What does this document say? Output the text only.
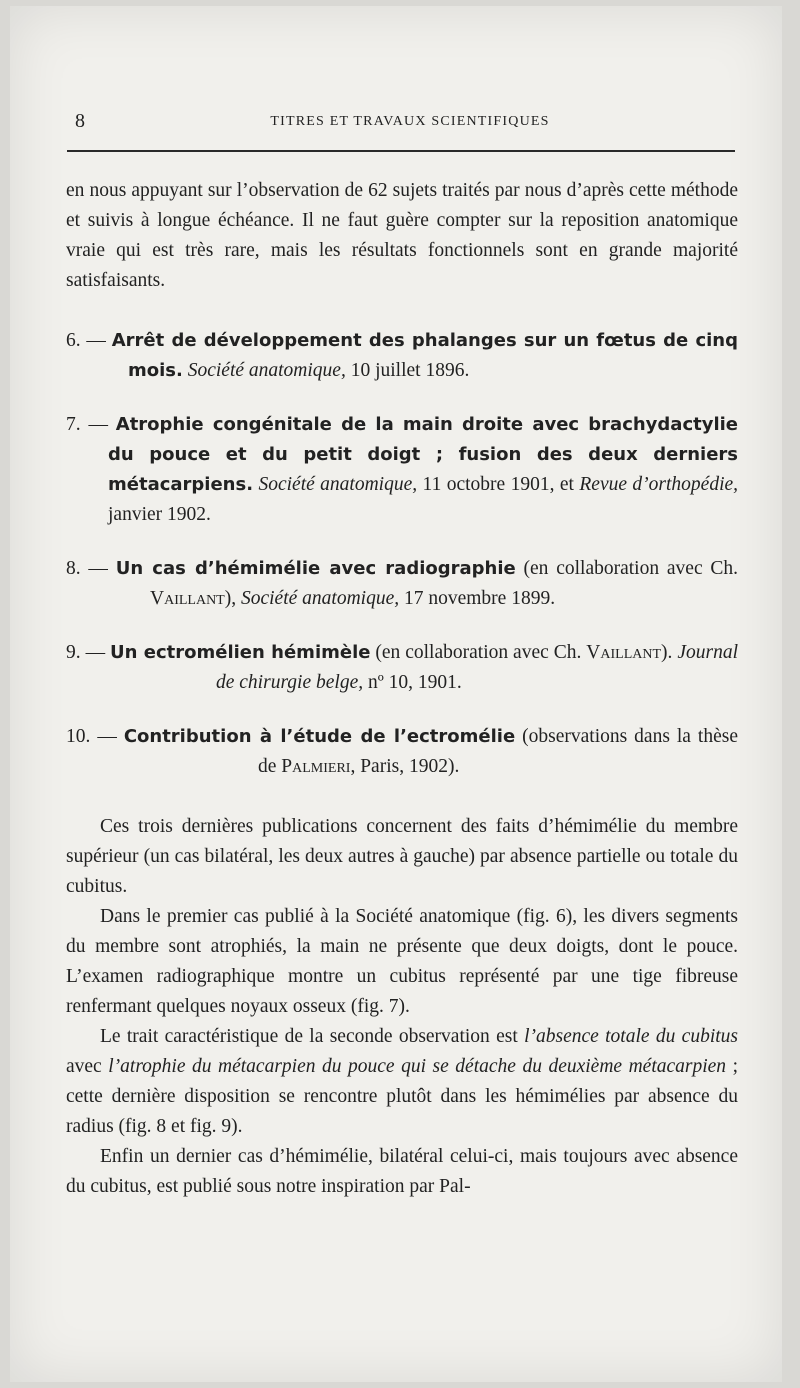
8	TITRES ET TRAVAUX SCIENTIFIQUES

en nous appuyant sur l’observation de 62 sujets traités par nous d’après cette méthode et suivis à longue échéance. Il ne faut guère compter sur la reposition anatomique vraie qui est très rare, mais les résultats fonctionnels sont en grande majorité satisfaisants.

6. — Arrêt de développement des phalanges sur un fœtus de cinq mois. Société anatomique, 10 juillet 1896.

7. — Atrophie congénitale de la main droite avec brachydactylie du pouce et du petit doigt ; fusion des deux derniers métacarpiens. Société anatomique, 11 octobre 1901, et Revue d’orthopédie, janvier 1902.

8. — Un cas d’hémimélie avec radiographie (en collaboration avec Ch. Vaillant), Société anatomique, 17 novembre 1899.

9. — Un ectromélien hémimèle (en collaboration avec Ch. Vaillant). Journal de chirurgie belge, nº 10, 1901.

10. — Contribution à l’étude de l’ectromélie (observations dans la thèse de Palmieri, Paris, 1902).

Ces trois dernières publications concernent des faits d’hémimélie du membre supérieur (un cas bilatéral, les deux autres à gauche) par absence partielle ou totale du cubitus.

Dans le premier cas publié à la Société anatomique (fig. 6), les divers segments du membre sont atrophiés, la main ne présente que deux doigts, dont le pouce. L’examen radiographique montre un cubitus représenté par une tige fibreuse renfermant quelques noyaux osseux (fig. 7).

Le trait caractéristique de la seconde observation est l’absence totale du cubitus avec l’atrophie du métacarpien du pouce qui se détache du deuxième métacarpien ; cette dernière disposition se rencontre plutôt dans les hémimélies par absence du radius (fig. 8 et fig. 9).

Enfin un dernier cas d’hémimélie, bilatéral celui-ci, mais toujours avec absence du cubitus, est publié sous notre inspiration par Pal-
